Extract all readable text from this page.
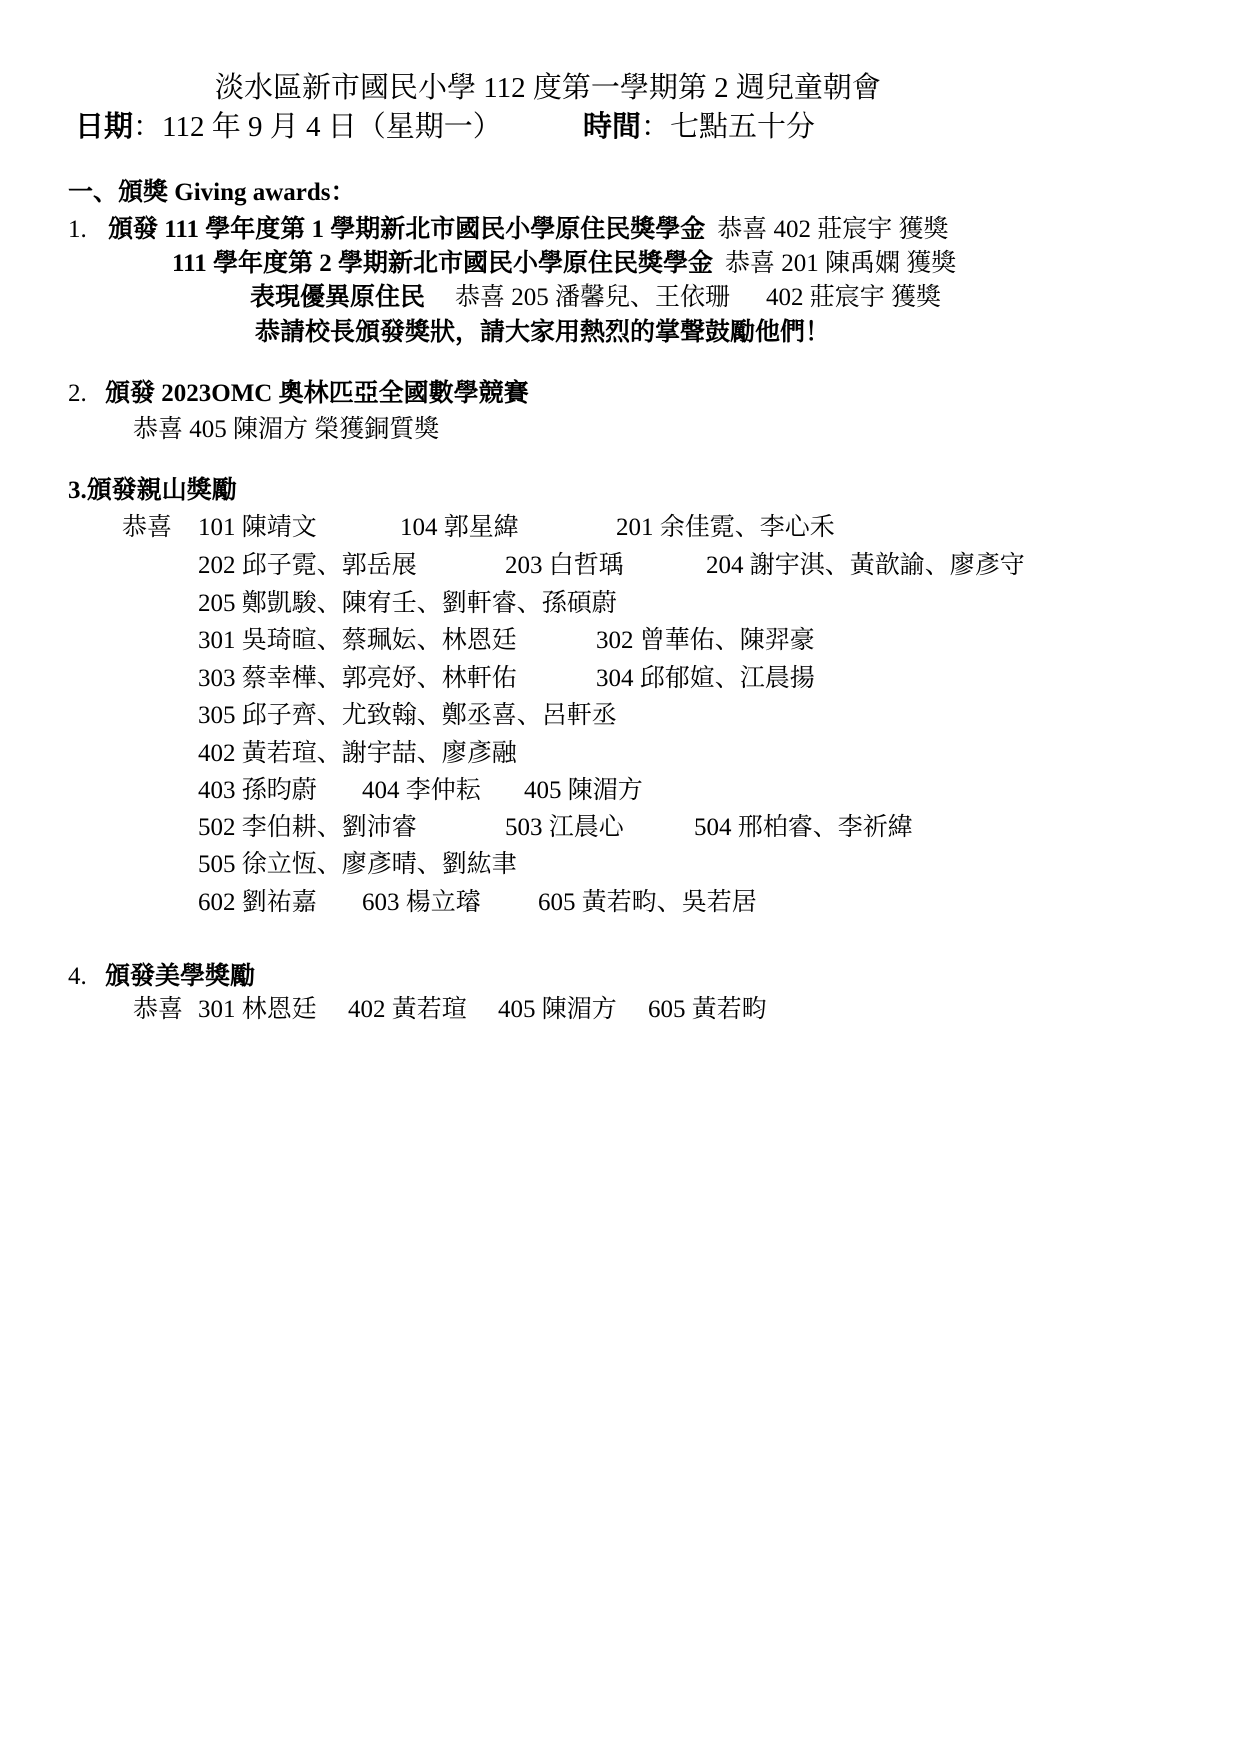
淡水區新市國民小學 112 度第一學期第 2 週兒童朝會
日期：112 年 9 月 4 日（星期一）	時間：七點五十分
一、頒獎 Giving awards：
1. 頒發 111 學年度第 1 學期新北市國民小學原住民獎學金 恭喜 402 莊宸宇 獲獎
111 學年度第 2 學期新北市國民小學原住民獎學金 恭喜 201 陳禹嫻 獲獎
表現優異原住民 恭喜 205 潘馨兒、王依珊 402 莊宸宇 獲獎
恭請校長頒發獎狀，請大家用熱烈的掌聲鼓勵他們！
2. 頒發 2023OMC 奧林匹亞全國數學競賽
恭喜 405 陳湄方 榮獲銅質獎
3.頒發親山獎勵
恭喜 101 陳靖文	104 郭星緯	201 余佳霓、李心禾
202 邱子霓、郭岳展	203 白哲瑀	204 謝宇淇、黃歆諭、廖彥守
205 鄭凱駿、陳宥壬、劉軒睿、孫碩蔚
301 吳琦暄、蔡珮妘、林恩廷	302 曾華佑、陳羿豪
303 蔡幸樺、郭亮妤、林軒佑	304 邱郁媗、江晨揚
305 邱子齊、尤致翰、鄭丞喜、呂軒丞
402 黃若瑄、謝宇喆、廖彥融
403 孫昀蔚 404 李仲耘 405 陳湄方
502 李伯耕、劉沛睿	503 江晨心	504 邢柏睿、李祈緯
505 徐立恆、廖彥晴、劉紘聿
602 劉祐嘉 603 楊立璿 605 黃若畇、吳若居
4. 頒發美學獎勵
恭喜 301 林恩廷 402 黃若瑄 405 陳湄方 605 黃若畇
